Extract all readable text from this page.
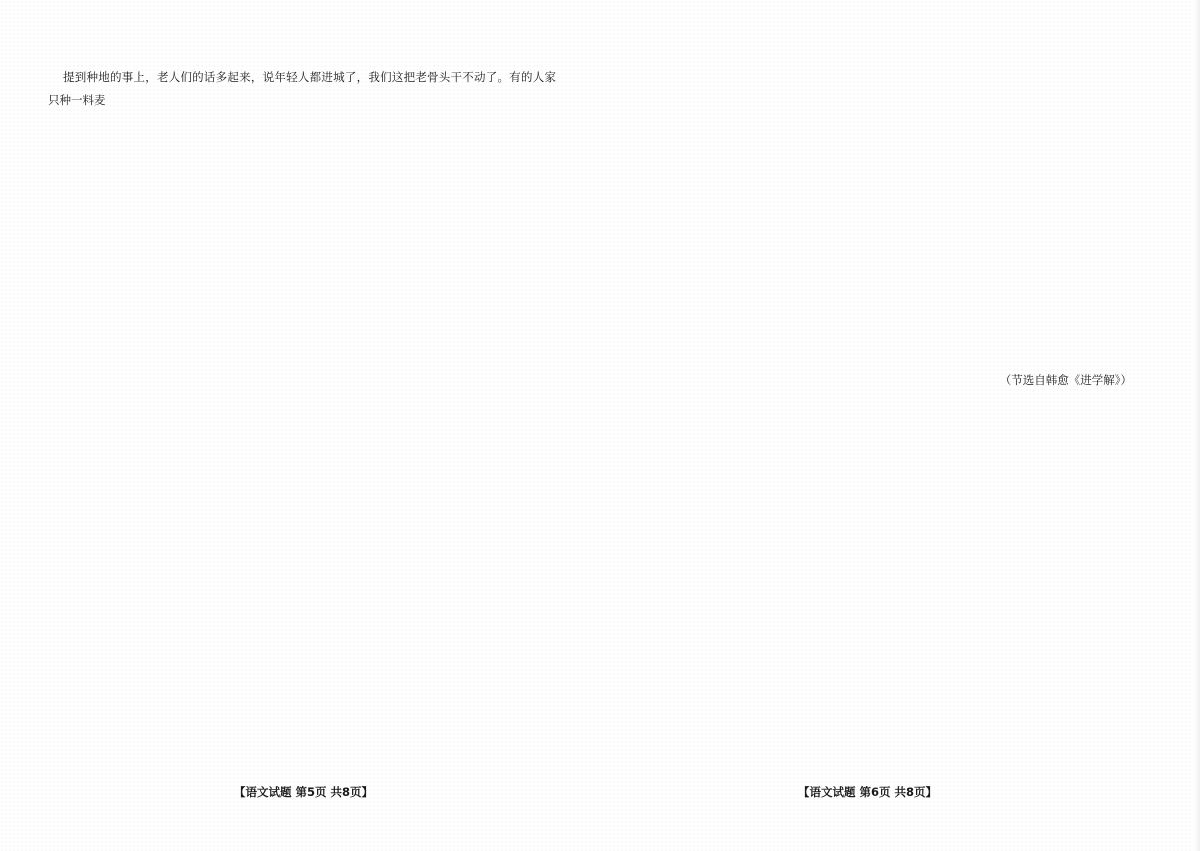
提到种地的事上，老人们的话多起来，说年轻人都进城了，我们这把老骨头干不动了。有的人家只种一料麦
【语文试题 第5页 共8页】
（节选自韩愈《进学解》）
【语文试题 第6页 共8页】
